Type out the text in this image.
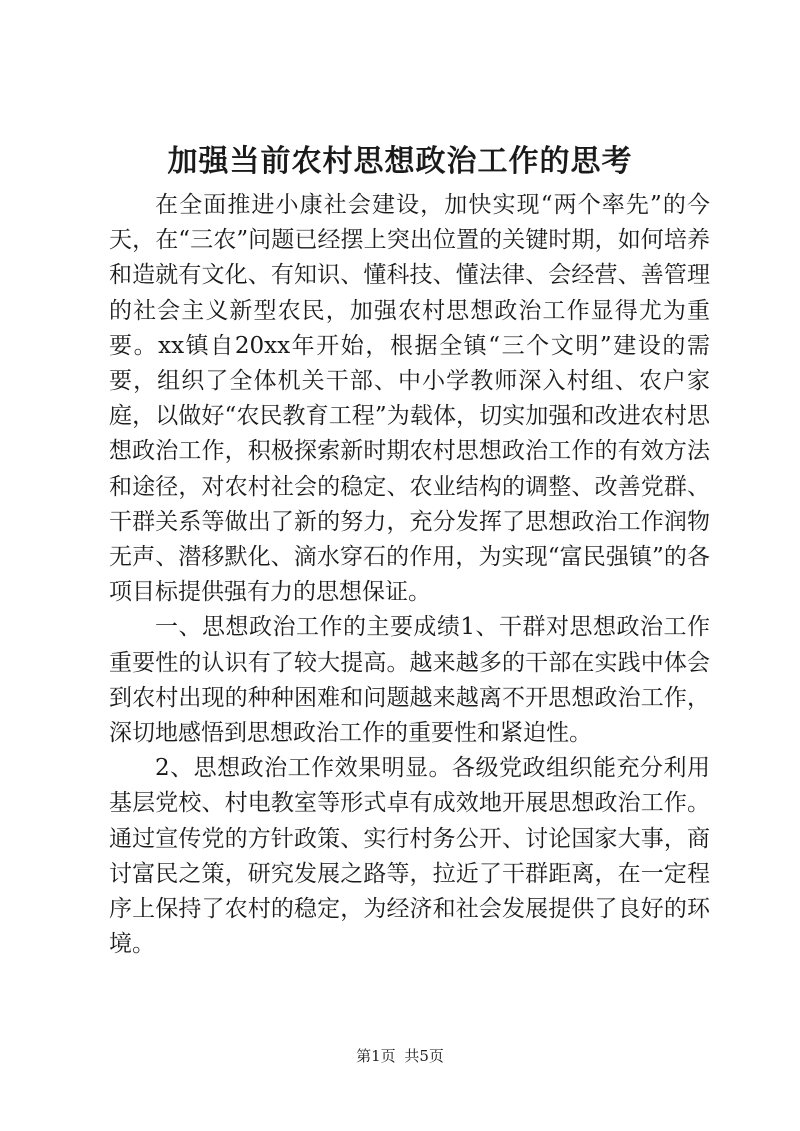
加强当前农村思想政治工作的思考

在全面推进小康社会建设，加快实现“两个率先”的今天，在“三农”问题已经摆上突出位置的关键时期，如何培养和造就有文化、有知识、懂科技、懂法律、会经营、善管理的社会主义新型农民，加强农村思想政治工作显得尤为重要。xx镇自20xx年开始，根据全镇“三个文明”建设的需要，组织了全体机关干部、中小学教师深入村组、农户家庭，以做好“农民教育工程”为载体，切实加强和改进农村思想政治工作，积极探索新时期农村思想政治工作的有效方法和途径，对农村社会的稳定、农业结构的调整、改善党群、干群关系等做出了新的努力，充分发挥了思想政治工作润物无声、潜移默化、滴水穿石的作用，为实现“富民强镇”的各项目标提供强有力的思想保证。

一、思想政治工作的主要成绩1、干群对思想政治工作重要性的认识有了较大提高。越来越多的干部在实践中体会到农村出现的种种困难和问题越来越离不开思想政治工作，深切地感悟到思想政治工作的重要性和紧迫性。

2、思想政治工作效果明显。各级党政组织能充分利用基层党校、村电教室等形式卓有成效地开展思想政治工作。通过宣传党的方针政策、实行村务公开、讨论国家大事，商讨富民之策，研究发展之路等，拉近了干群距离，在一定程序上保持了农村的稳定，为经济和社会发展提供了良好的环境。

第1页 共5页
